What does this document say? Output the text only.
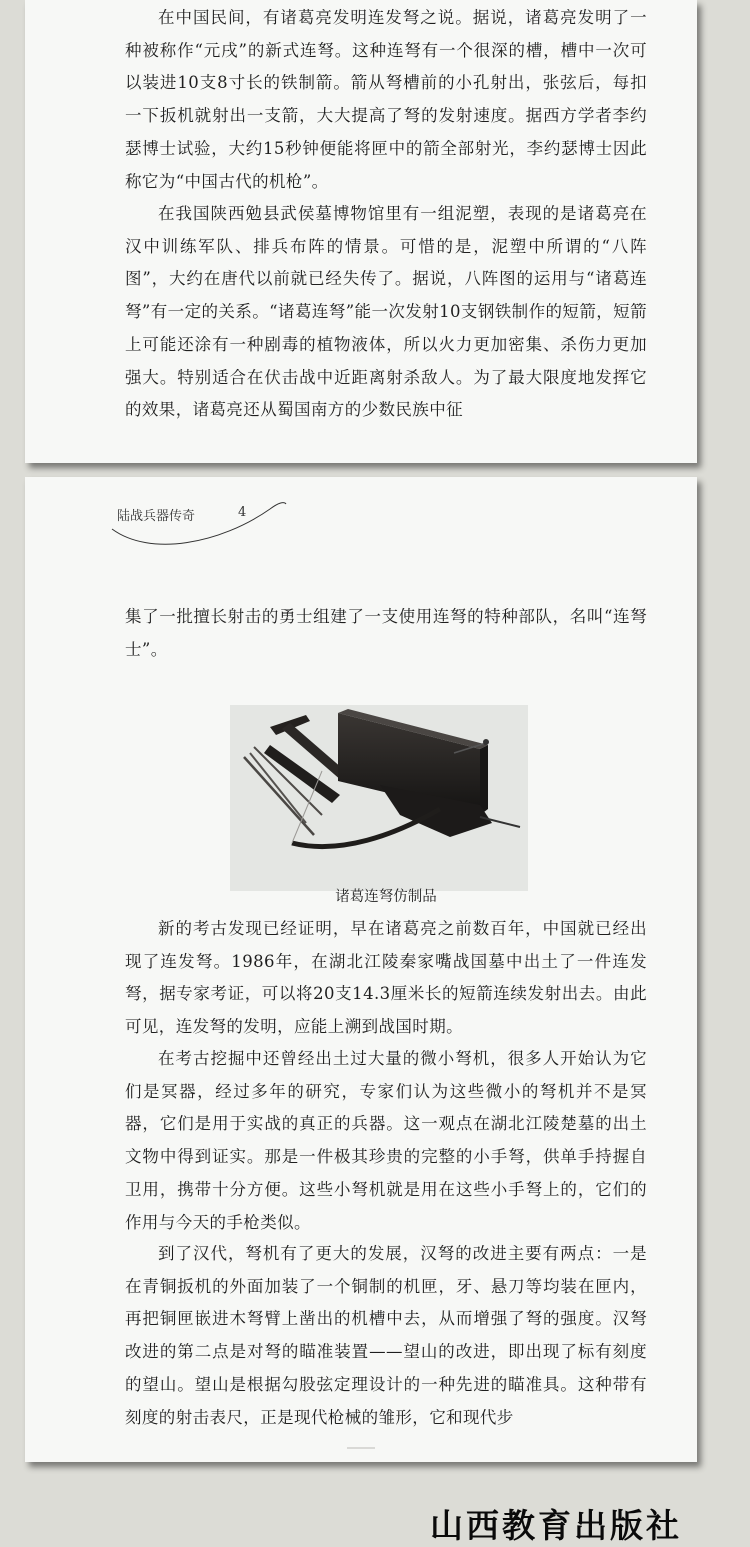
在中国民间，有诸葛亮发明连发弩之说。据说，诸葛亮发明了一种被称作“元戌”的新式连弩。这种连弩有一个很深的槽，槽中一次可以装进10支8寸长的铁制箭。箭从弩槽前的小孔射出，张弦后，每扣一下扳机就射出一支箭，大大提高了弩的发射速度。据西方学者李约瑟博士试验，大约15秒钟便能将匣中的箭全部射光，李约瑟博士因此称它为“中国古代的机枪”。

在我国陕西勉县武侯墓博物馆里有一组泥塑，表现的是诸葛亮在汉中训练军队、排兵布阵的情景。可惜的是，泥塑中所谓的“八阵图”，大约在唐代以前就已经失传了。据说，八阵图的运用与“诸葛连弩”有一定的关系。“诸葛连弩”能一次发射10支钢铁制作的短箭，短箭上可能还涂有一种剧毒的植物液体，所以火力更加密集、杀伤力更加强大。特别适合在伏击战中近距离射杀敌人。为了最大限度地发挥它的效果，诸葛亮还从蜀国南方的少数民族中征

陆战兵器传奇	4

集了一批擅长射击的勇士组建了一支使用连弩的特种部队，名叫“连弩士”。

诸葛连弩仿制品

新的考古发现已经证明，早在诸葛亮之前数百年，中国就已经出现了连发弩。1986年，在湖北江陵秦家嘴战国墓中出土了一件连发弩，据专家考证，可以将20支14.3厘米长的短箭连续发射出去。由此可见，连发弩的发明，应能上溯到战国时期。

在考古挖掘中还曾经出土过大量的微小弩机，很多人开始认为它们是冥器，经过多年的研究，专家们认为这些微小的弩机并不是冥器，它们是用于实战的真正的兵器。这一观点在湖北江陵楚墓的出土文物中得到证实。那是一件极其珍贵的完整的小手弩，供单手持握自卫用，携带十分方便。这些小弩机就是用在这些小手弩上的，它们的作用与今天的手枪类似。

到了汉代，弩机有了更大的发展，汉弩的改进主要有两点：一是在青铜扳机的外面加装了一个铜制的机匣，牙、悬刀等均装在匣内，再把铜匣嵌进木弩臂上凿出的机槽中去，从而增强了弩的强度。汉弩改进的第二点是对弩的瞄准装置——望山的改进，即出现了标有刻度的望山。望山是根据勾股弦定理设计的一种先进的瞄准具。这种带有刻度的射击表尺，正是现代枪械的雏形，它和现代步

山西教育出版社
